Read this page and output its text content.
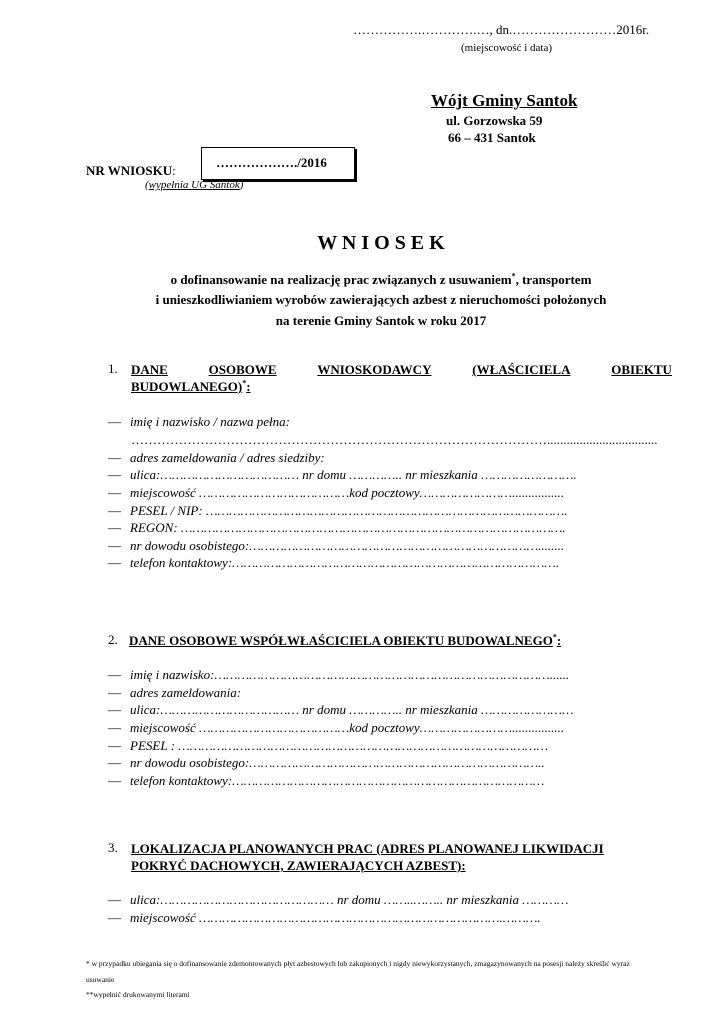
…………….………….…, dn.……………………2016r.
(miejscowość i data)
Wójt Gminy Santok
ul. Gorzowska 59
66 – 431 Santok
NR WNIOSKU:
………………./2016
(wypełnia UG Santok)
W N I O S E K
o dofinansowanie na realizację prac związanych z usuwaniem*, transportem
i unieszkodliwianiem wyrobów zawierających azbest z nieruchomości położonych
na terenie Gminy Santok w roku 2017
1. DANE	OSOBOWE	WNIOSKODAWCY	(WŁAŚCICIELA	OBIEKTU
BUDOWLANEGO)*:
— imię i nazwisko / nazwa pełna:
……………………………………………………………………………………..................................
— adres zameldowania / adres siedziby:
— ulica:……………………………… nr domu ………….. nr mieszkania …………………….
— miejscowość …………………………………kod pocztowy……………………................
— PESEL / NIP: ………………………………………………………………………………….
— REGON: ……………………………………………………………………………………….
— nr dowodu osobistego:…………………………………………………………………........
— telefon kontaktowy:………………………………………………………………………….
2. DANE OSOBOWE WSPÓŁWŁAŚCICIELA OBIEKTU BUDOWALNEGO*:
— imię i nazwisko:……………………………………………………………………………......
— adres zameldowania:
— ulica:……………………………… nr domu ………….. nr mieszkania ……………………
— miejscowość …………………………………kod pocztowy……………………................
— PESEL : ……………………………………………………………………………………
— nr dowodu osobistego:…………………………………………………………………..
— telefon kontaktowy:………………………………………………………………………
3. LOKALIZACJA PLANOWANYCH PRAC (ADRES PLANOWANEJ LIKWIDACJI
POKRYĆ DACHOWYCH, ZAWIERAJĄCYCH AZBEST):
— ulica:……………………………………… nr domu ……..…….. nr mieszkania …………
— miejscowość …………………………………………………………………….……….
* w przypadku ubiegania się o dofinansowanie zdemontowanych płyt azbestowych lub zakupionych i nigdy niewykorzystanych, zmagazynowanych na posesji należy skreślić wyraz
usuwanie
**wypełnić drukowanymi literami
